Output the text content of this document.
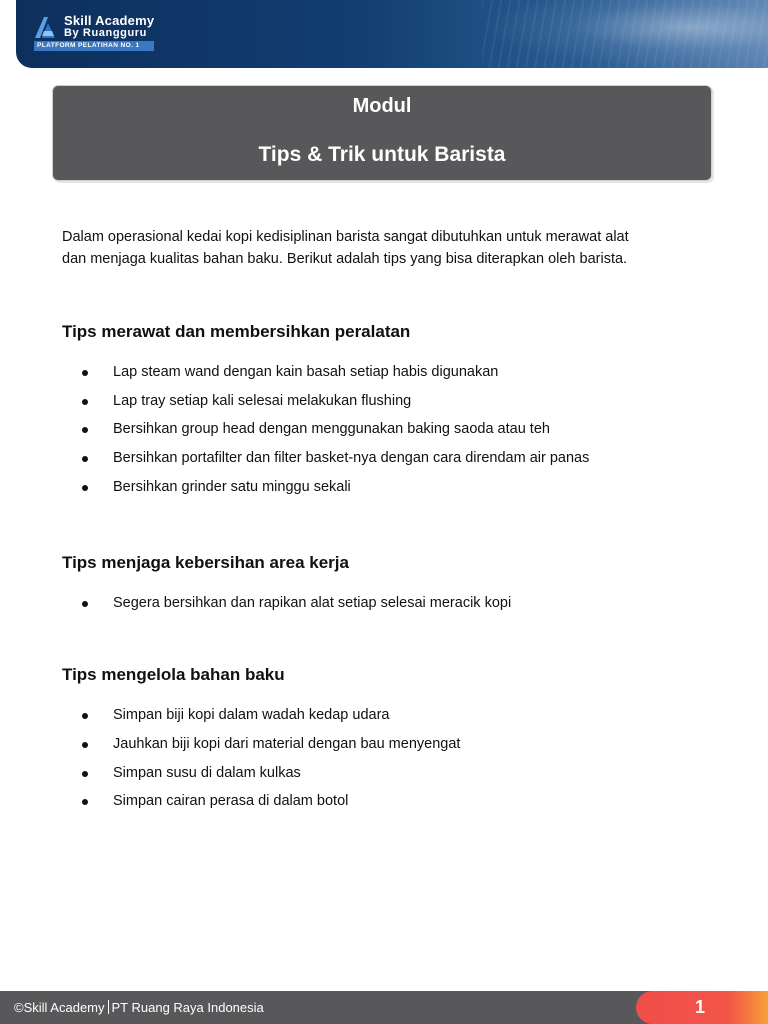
Skill Academy
By Ruangguru
PLATFORM PELATIHAN NO. 1
Modul
Tips & Trik untuk Barista

Dalam operasional kedai kopi kedisiplinan barista sangat dibutuhkan untuk merawat alat
dan menjaga kualitas bahan baku. Berikut adalah tips yang bisa diterapkan oleh barista.

Tips merawat dan membersihkan peralatan
Lap steam wand dengan kain basah setiap habis digunakan
Lap tray setiap kali selesai melakukan flushing
Bersihkan group head dengan menggunakan baking saoda atau teh
Bersihkan portafilter dan filter basket-nya dengan cara direndam air panas
Bersihkan grinder satu minggu sekali
Tips menjaga kebersihan area kerja
Segera bersihkan dan rapikan alat setiap selesai meracik kopi
Tips mengelola bahan baku
Simpan biji kopi dalam wadah kedap udara
Jauhkan biji kopi dari material dengan bau menyengat
Simpan susu di dalam kulkas
Simpan cairan perasa di dalam botol
©Skill Academy PT Ruang Raya Indonesia	1
